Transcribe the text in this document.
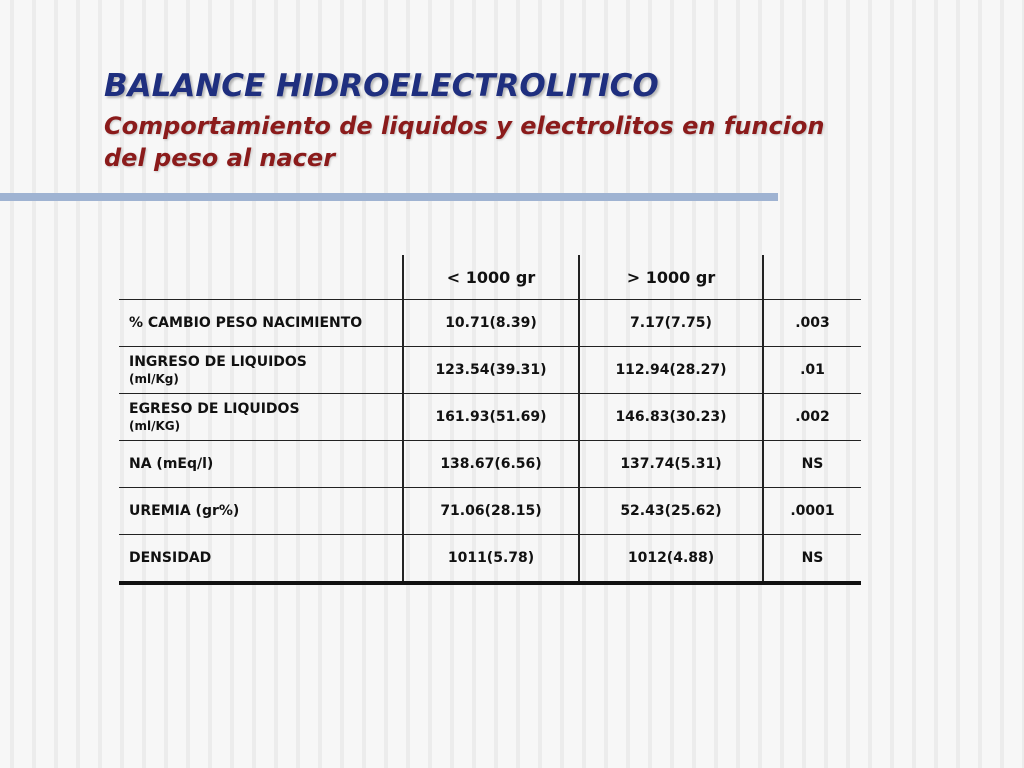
BALANCE HIDROELECTROLITICO
Comportamiento de liquidos y electrolitos en funcion del peso al nacer
	< 1000 gr	> 1000 gr	
% CAMBIO PESO NACIMIENTO	10.71(8.39)	7.17(7.75)	.003
INGRESO DE LIQUIDOS
(ml/Kg)	123.54(39.31)	112.94(28.27)	.01
EGRESO DE LIQUIDOS
(ml/KG)	161.93(51.69)	146.83(30.23)	.002
NA (mEq/l)	138.67(6.56)	137.74(5.31)	NS
UREMIA (gr%)	71.06(28.15)	52.43(25.62)	.0001
DENSIDAD	1011(5.78)	1012(4.88)	NS
